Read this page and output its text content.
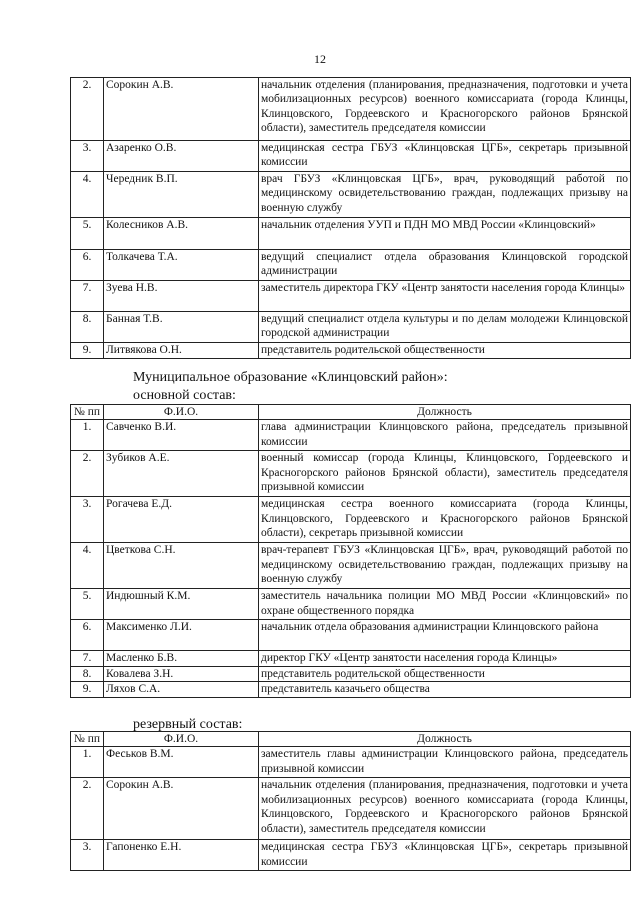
12
2.	Сорокин А.В.	начальник отделения (планирования, предназначения, подготовки и учета мобилизационных ресурсов) военного комиссариата (города Клинцы, Клинцовского, Гордеевского и Красногорского районов Брянской области), заместитель председателя комиссии
3.	Азаренко О.В.	медицинская сестра ГБУЗ «Клинцовская ЦГБ», секретарь призывной комиссии
4.	Чередник В.П.	врач ГБУЗ «Клинцовская ЦГБ», врач, руководящий работой по медицинскому освидетельствованию граждан, подлежащих призыву на военную службу
5.	Колесников А.В.	начальник отделения УУП и ПДН МО МВД России «Клинцовский»
6.	Толкачева Т.А.	ведущий специалист отдела образования Клинцовской городской администрации
7.	Зуева Н.В.	заместитель директора ГКУ «Центр занятости населения города Клинцы»
8.	Банная Т.В.	ведущий специалист отдела культуры и по делам молодежи Клинцовской городской администрации
9.	Литвякова О.Н.	представитель родительской общественности
Муниципальное образование «Клинцовский район»:
основной состав:
№ пп	Ф.И.О.	Должность
1.	Савченко В.И.	глава администрации Клинцовского района, председатель призывной комиссии
2.	Зубиков А.Е.	военный комиссар (города Клинцы, Клинцовского, Гордеевского и Красногорского районов Брянской области), заместитель председателя призывной комиссии
3.	Рогачева Е.Д.	медицинская сестра военного комиссариата (города Клинцы, Клинцовского, Гордеевского и Красногорского районов Брянской области), секретарь призывной комиссии
4.	Цветкова С.Н.	врач-терапевт ГБУЗ «Клинцовская ЦГБ», врач, руководящий работой по медицинскому освидетельствованию граждан, подлежащих призыву на военную службу
5.	Индюшный К.М.	заместитель начальника полиции МО МВД России «Клинцовский» по охране общественного порядка
6.	Максименко Л.И.	начальник отдела образования администрации Клинцовского района
7.	Масленко Б.В.	директор ГКУ «Центр занятости населения города Клинцы»
8.	Ковалева З.Н.	представитель родительской общественности
9.	Ляхов С.А.	представитель казачьего общества
резервный состав:
№ пп	Ф.И.О.	Должность
1.	Феськов В.М.	заместитель главы администрации Клинцовского района, председатель призывной комиссии
2.	Сорокин А.В.	начальник отделения (планирования, предназначения, подготовки и учета мобилизационных ресурсов) военного комиссариата (города Клинцы, Клинцовского, Гордеевского и Красногорского районов Брянской области), заместитель председателя комиссии
3.	Гапоненко Е.Н.	медицинская сестра ГБУЗ «Клинцовская ЦГБ», секретарь призывной комиссии
